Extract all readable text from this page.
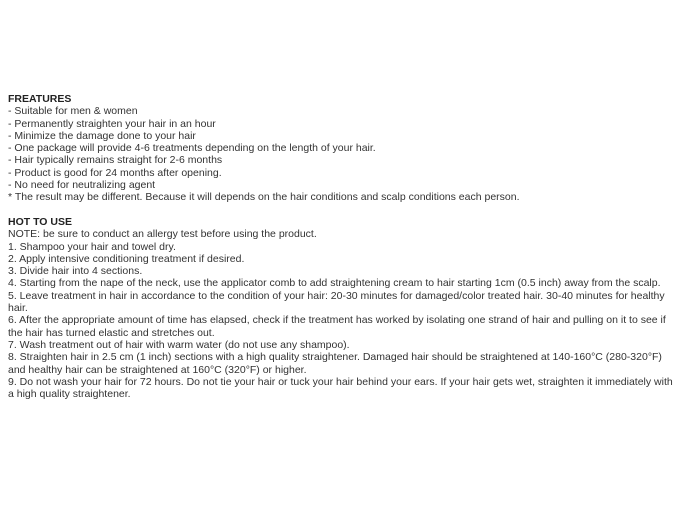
FREATURES
- Suitable for men & women
- Permanently straighten your hair in an hour
- Minimize the damage done to your hair
- One package will provide 4-6 treatments depending on the length of your hair.
- Hair typically remains straight for 2-6 months
- Product is good for 24 months after opening.
- No need for neutralizing agent
* The result may be different. Because it will depends on the hair conditions and scalp conditions each person.
HOT TO USE
NOTE: be sure to conduct an allergy test before using the product.
1. Shampoo your hair and towel dry.
2. Apply intensive conditioning treatment if desired.
3. Divide hair into 4 sections.
4. Starting from the nape of the neck, use the applicator comb to add straightening cream to hair starting 1cm (0.5 inch) away from the scalp.
5. Leave treatment in hair in accordance to the condition of your hair: 20-30 minutes for damaged/color treated hair. 30-40 minutes for healthy hair.
6. After the appropriate amount of time has elapsed, check if the treatment has worked by isolating one strand of hair and pulling on it to see if the hair has turned elastic and stretches out.
7. Wash treatment out of hair with warm water (do not use any shampoo).
8. Straighten hair in 2.5 cm (1 inch) sections with a high quality straightener. Damaged hair should be straightened at 140-160°C (280-320°F) and healthy hair can be straightened at 160°C (320°F) or higher.
9. Do not wash your hair for 72 hours. Do not tie your hair or tuck your hair behind your ears. If your hair gets wet, straighten it immediately with a high quality straightener.
